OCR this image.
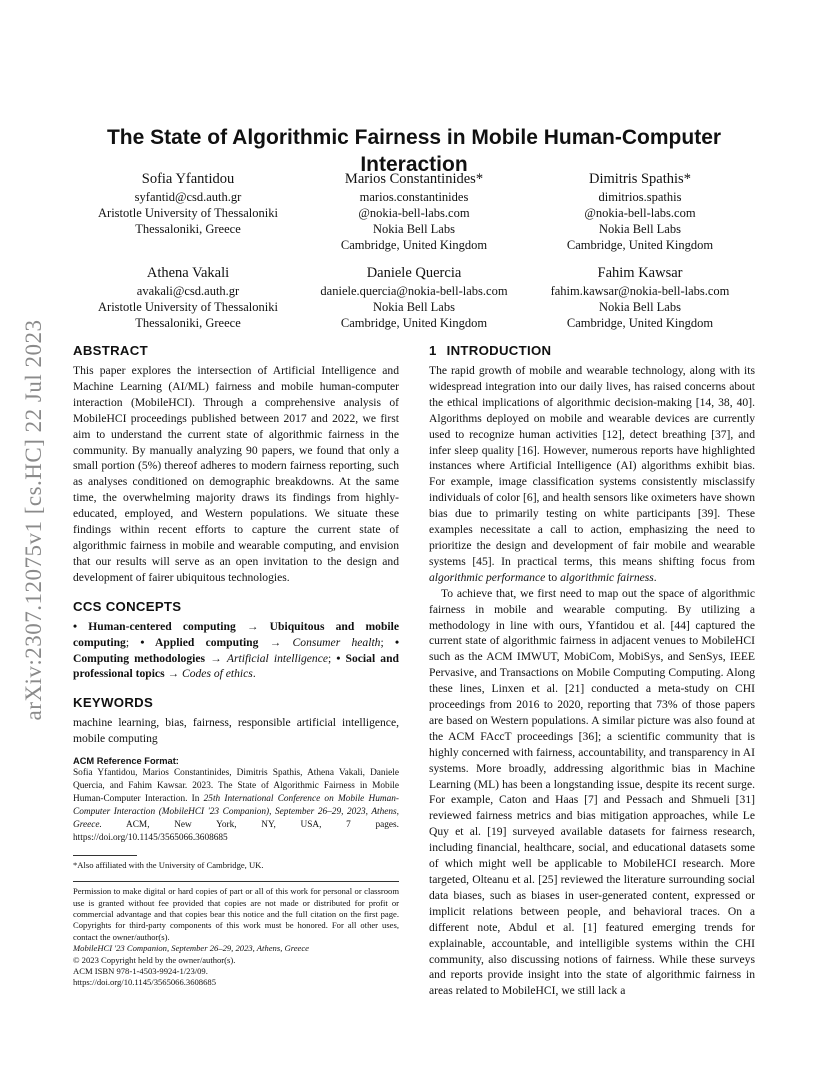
arXiv:2307.12075v1 [cs.HC] 22 Jul 2023
The State of Algorithmic Fairness in Mobile Human-Computer Interaction
Sofia Yfantidou
syfantid@csd.auth.gr
Aristotle University of Thessaloniki
Thessaloniki, Greece
Marios Constantinides*
marios.constantinides
@nokia-bell-labs.com
Nokia Bell Labs
Cambridge, United Kingdom
Dimitris Spathis*
dimitrios.spathis
@nokia-bell-labs.com
Nokia Bell Labs
Cambridge, United Kingdom
Athena Vakali
avakali@csd.auth.gr
Aristotle University of Thessaloniki
Thessaloniki, Greece
Daniele Quercia
daniele.quercia@nokia-bell-labs.com
Nokia Bell Labs
Cambridge, United Kingdom
Fahim Kawsar
fahim.kawsar@nokia-bell-labs.com
Nokia Bell Labs
Cambridge, United Kingdom
ABSTRACT

This paper explores the intersection of Artificial Intelligence and Machine Learning (AI/ML) fairness and mobile human-computer interaction (MobileHCI). Through a comprehensive analysis of MobileHCI proceedings published between 2017 and 2022, we first aim to understand the current state of algorithmic fairness in the community. By manually analyzing 90 papers, we found that only a small portion (5%) thereof adheres to modern fairness reporting, such as analyses conditioned on demographic breakdowns. At the same time, the overwhelming majority draws its findings from highly-educated, employed, and Western populations. We situate these findings within recent efforts to capture the current state of algorithmic fairness in mobile and wearable computing, and envision that our results will serve as an open invitation to the design and development of fairer ubiquitous technologies.

CCS CONCEPTS

• Human-centered computing → Ubiquitous and mobile computing; • Applied computing → Consumer health; • Computing methodologies → Artificial intelligence; • Social and professional topics → Codes of ethics.

KEYWORDS

machine learning, bias, fairness, responsible artificial intelligence, mobile computing

ACM Reference Format:
Sofia Yfantidou, Marios Constantinides, Dimitris Spathis, Athena Vakali, Daniele Quercia, and Fahim Kawsar. 2023. The State of Algorithmic Fairness in Mobile Human-Computer Interaction. In 25th International Conference on Mobile Human-Computer Interaction (MobileHCI '23 Companion), September 26–29, 2023, Athens, Greece. ACM, New York, NY, USA, 7 pages. https://doi.org/10.1145/3565066.3608685
*Also affiliated with the University of Cambridge, UK.
Permission to make digital or hard copies of part or all of this work for personal or classroom use is granted without fee provided that copies are not made or distributed for profit or commercial advantage and that copies bear this notice and the full citation on the first page. Copyrights for third-party components of this work must be honored. For all other uses, contact the owner/author(s).
MobileHCI '23 Companion, September 26–29, 2023, Athens, Greece
© 2023 Copyright held by the owner/author(s).
ACM ISBN 978-1-4503-9924-1/23/09.
https://doi.org/10.1145/3565066.3608685
1 INTRODUCTION

The rapid growth of mobile and wearable technology, along with its widespread integration into our daily lives, has raised concerns about the ethical implications of algorithmic decision-making [14, 38, 40]. Algorithms deployed on mobile and wearable devices are currently used to recognize human activities [12], detect breathing [37], and infer sleep quality [16]. However, numerous reports have highlighted instances where Artificial Intelligence (AI) algorithms exhibit bias. For example, image classification systems consistently misclassify individuals of color [6], and health sensors like oximeters have shown bias due to primarily testing on white participants [39]. These examples necessitate a call to action, emphasizing the need to prioritize the design and development of fair mobile and wearable systems [45]. In practical terms, this means shifting focus from algorithmic performance to algorithmic fairness.

To achieve that, we first need to map out the space of algorithmic fairness in mobile and wearable computing. By utilizing a methodology in line with ours, Yfantidou et al. [44] captured the current state of algorithmic fairness in adjacent venues to MobileHCI such as the ACM IMWUT, MobiCom, MobiSys, and SenSys, IEEE Pervasive, and Transactions on Mobile Computing Computing. Along these lines, Linxen et al. [21] conducted a meta-study on CHI proceedings from 2016 to 2020, reporting that 73% of those papers are based on Western populations. A similar picture was also found at the ACM FAccT proceedings [36]; a scientific community that is highly concerned with fairness, accountability, and transparency in AI systems. More broadly, addressing algorithmic bias in Machine Learning (ML) has been a longstanding issue, despite its recent surge. For example, Caton and Haas [7] and Pessach and Shmueli [31] reviewed fairness metrics and bias mitigation approaches, while Le Quy et al. [19] surveyed available datasets for fairness research, including financial, healthcare, social, and educational datasets some of which might well be applicable to MobileHCI research. More targeted, Olteanu et al. [25] reviewed the literature surrounding social data biases, such as biases in user-generated content, expressed or implicit relations between people, and behavioral traces. On a different note, Abdul et al. [1] featured emerging trends for explainable, accountable, and intelligible systems within the CHI community, also discussing notions of fairness. While these surveys and reports provide insight into the state of algorithmic fairness in areas related to MobileHCI, we still lack a
